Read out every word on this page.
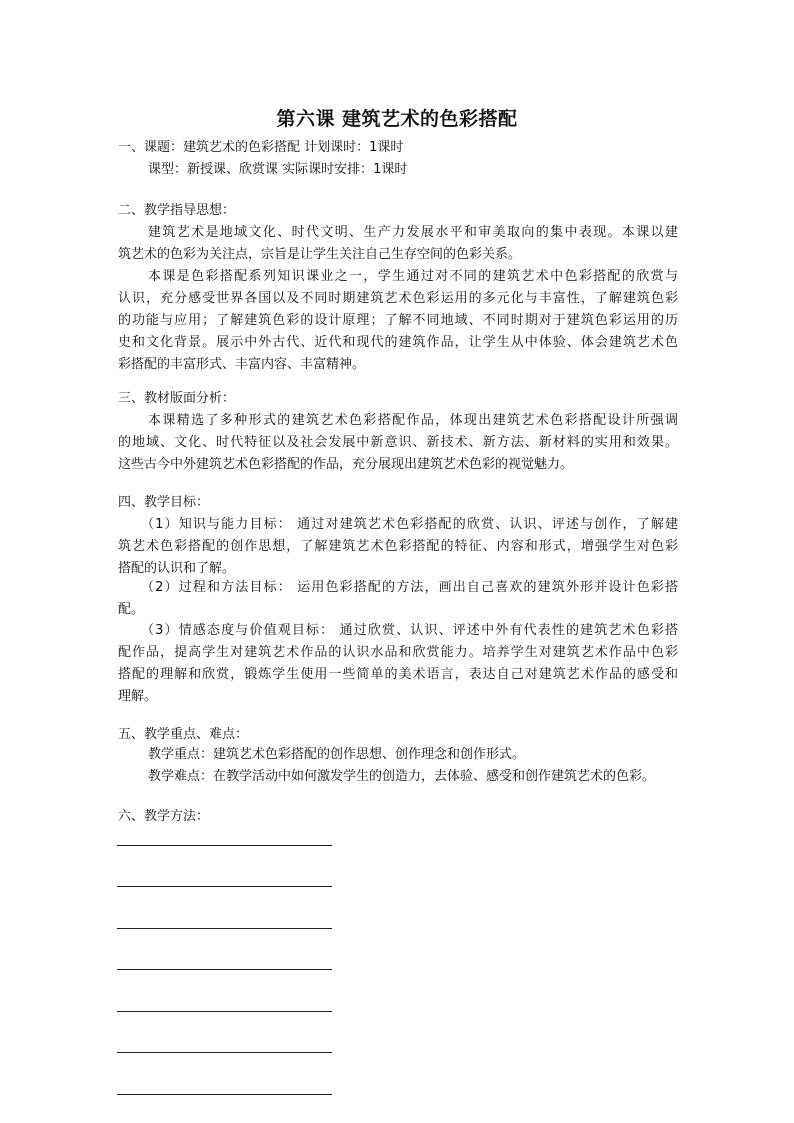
第六课 建筑艺术的色彩搭配
一、课题：建筑艺术的色彩搭配 计划课时：1课时
课型：新授课、欣赏课 实际课时安排：1课时
二、教学指导思想：
建筑艺术是地域文化、时代文明、生产力发展水平和审美取向的集中表现。本课以建
筑艺术的色彩为关注点，宗旨是让学生关注自己生存空间的色彩关系。
本课是色彩搭配系列知识课业之一，学生通过对不同的建筑艺术中色彩搭配的欣赏与
认识，充分感受世界各国以及不同时期建筑艺术色彩运用的多元化与丰富性，了解建筑色彩
的功能与应用；了解建筑色彩的设计原理；了解不同地域、不同时期对于建筑色彩运用的历
史和文化背景。展示中外古代、近代和现代的建筑作品，让学生从中体验、体会建筑艺术色
彩搭配的丰富形式、丰富内容、丰富精神。
三、教材版面分析：
本课精选了多种形式的建筑艺术色彩搭配作品，体现出建筑艺术色彩搭配设计所强调
的地域、文化、时代特征以及社会发展中新意识、新技术、新方法、新材料的实用和效果。
这些古今中外建筑艺术色彩搭配的作品，充分展现出建筑艺术色彩的视觉魅力。
四、教学目标：
（1）知识与能力目标： 通过对建筑艺术色彩搭配的欣赏、认识、评述与创作，了解建
筑艺术色彩搭配的创作思想，了解建筑艺术色彩搭配的特征、内容和形式，增强学生对色彩
搭配的认识和了解。
（2）过程和方法目标： 运用色彩搭配的方法，画出自己喜欢的建筑外形并设计色彩搭
配。
（3）情感态度与价值观目标： 通过欣赏、认识、评述中外有代表性的建筑艺术色彩搭
配作品，提高学生对建筑艺术作品的认识水品和欣赏能力。培养学生对建筑艺术作品中色彩
搭配的理解和欣赏，锻炼学生使用一些简单的美术语言，表达自己对建筑艺术作品的感受和
理解。
五、教学重点、难点：
教学重点：建筑艺术色彩搭配的创作思想、创作理念和创作形式。
教学难点：在教学活动中如何激发学生的创造力，去体验、感受和创作建筑艺术的色彩。
六、教学方法：
